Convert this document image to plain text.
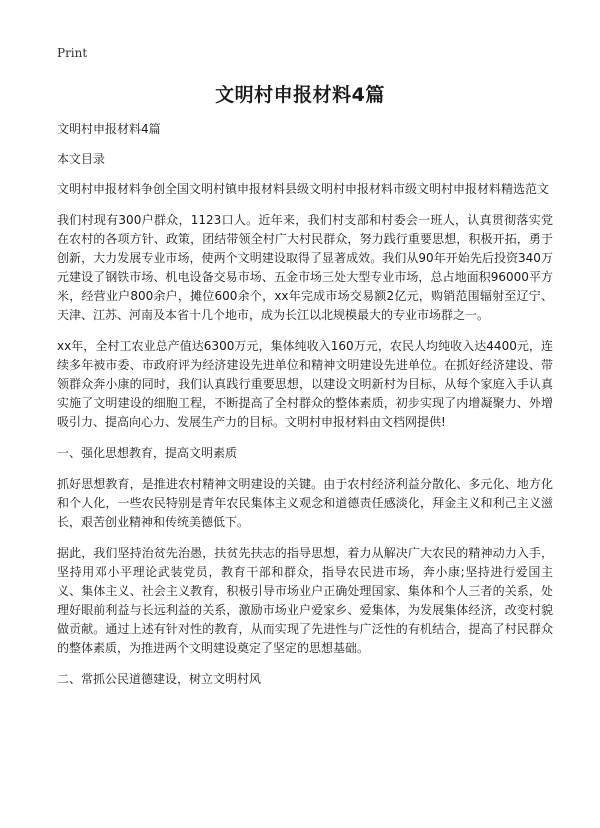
Print
文明村申报材料4篇

文明村申报材料4篇

本文目录

文明村申报材料争创全国文明村镇申报材料县级文明村申报材料市级文明村申报材料精选范文

我们村现有300户群众，1123口人。近年来，我们村支部和村委会一班人，认真贯彻落实党在农村的各项方针、政策，团结带领全村广大村民群众，努力践行重要思想，积极开拓，勇于创新，大力发展专业市场，使两个文明建设取得了显著成效。我们从90年开始先后投资340万元建设了钢铁市场、机电设备交易市场、五金市场三处大型专业市场，总占地面积96000平方米，经营业户800余户，摊位600余个，xx年完成市场交易额2亿元，购销范围辐射至辽宁、天津、江苏、河南及本省十几个地市，成为长江以北规模最大的专业市场群之一。

xx年，全村工农业总产值达6300万元，集体纯收入160万元，农民人均纯收入达4400元，连续多年被市委、市政府评为经济建设先进单位和精神文明建设先进单位。在抓好经济建设、带领群众奔小康的同时，我们认真践行重要思想，以建设文明新村为目标，从每个家庭入手认真实施了文明建设的细胞工程，不断提高了全村群众的整体素质，初步实现了内增凝聚力、外增吸引力、提高向心力、发展生产力的目标。文明村申报材料由文档网提供!

一、强化思想教育，提高文明素质

抓好思想教育，是推进农村精神文明建设的关键。由于农村经济利益分散化、多元化、地方化和个人化，一些农民特别是青年农民集体主义观念和道德责任感淡化，拜金主义和利己主义滋长，艰苦创业精神和传统美德低下。

据此，我们坚持治贫先治愚，扶贫先扶志的指导思想，着力从解决广大农民的精神动力入手，坚持用邓小平理论武装党员，教育干部和群众，指导农民进市场，奔小康;坚持进行爱国主义、集体主义、社会主义教育，积极引导市场业户正确处理国家、集体和个人三者的关系，处理好眼前利益与长远利益的关系，激励市场业户爱家乡、爱集体，为发展集体经济，改变村貌做贡献。通过上述有针对性的教育，从而实现了先进性与广泛性的有机结合，提高了村民群众的整体素质，为推进两个文明建设奠定了坚定的思想基础。

二、常抓公民道德建设，树立文明村风
